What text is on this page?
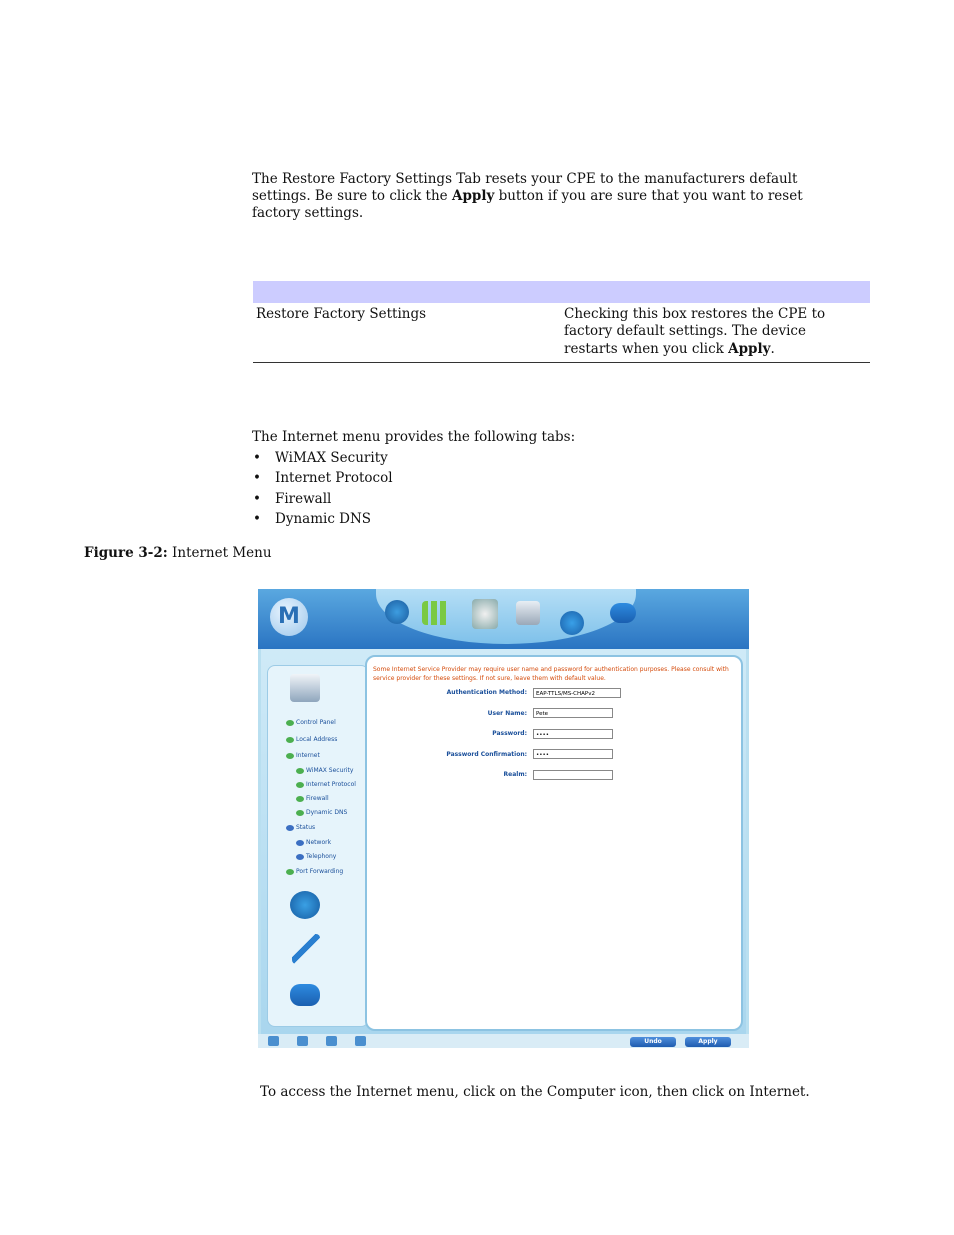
The Restore Factory Settings Tab resets your CPE to the manufacturers default
settings. Be sure to click the Apply button if you are sure that you want to reset
factory settings.
Restore Factory Settings	Checking this box restores the CPE to
factory default settings. The device
restarts when you click Apply.
The Internet menu provides the following tabs:
• WiMAX Security
• Internet Protocol
• Firewall
• Dynamic DNS
Figure 3-2: Internet Menu
M
Control Panel
Local Address
Internet
WiMAX Security
Internet Protocol
Firewall
Dynamic DNS
Status
Network
Telephony
Port Forwarding
Some Internet Service Provider may require user name and password for authentication purposes. Please consult with service provider for these settings. If not sure, leave them with default value.
Authentication Method:	EAP-TTLS/MS-CHAPv2
User Name:	Pete
Password:	••••
Password Confirmation:	••••
Realm:
Undo	Apply
To access the Internet menu, click on the Computer icon, then click on Internet.
